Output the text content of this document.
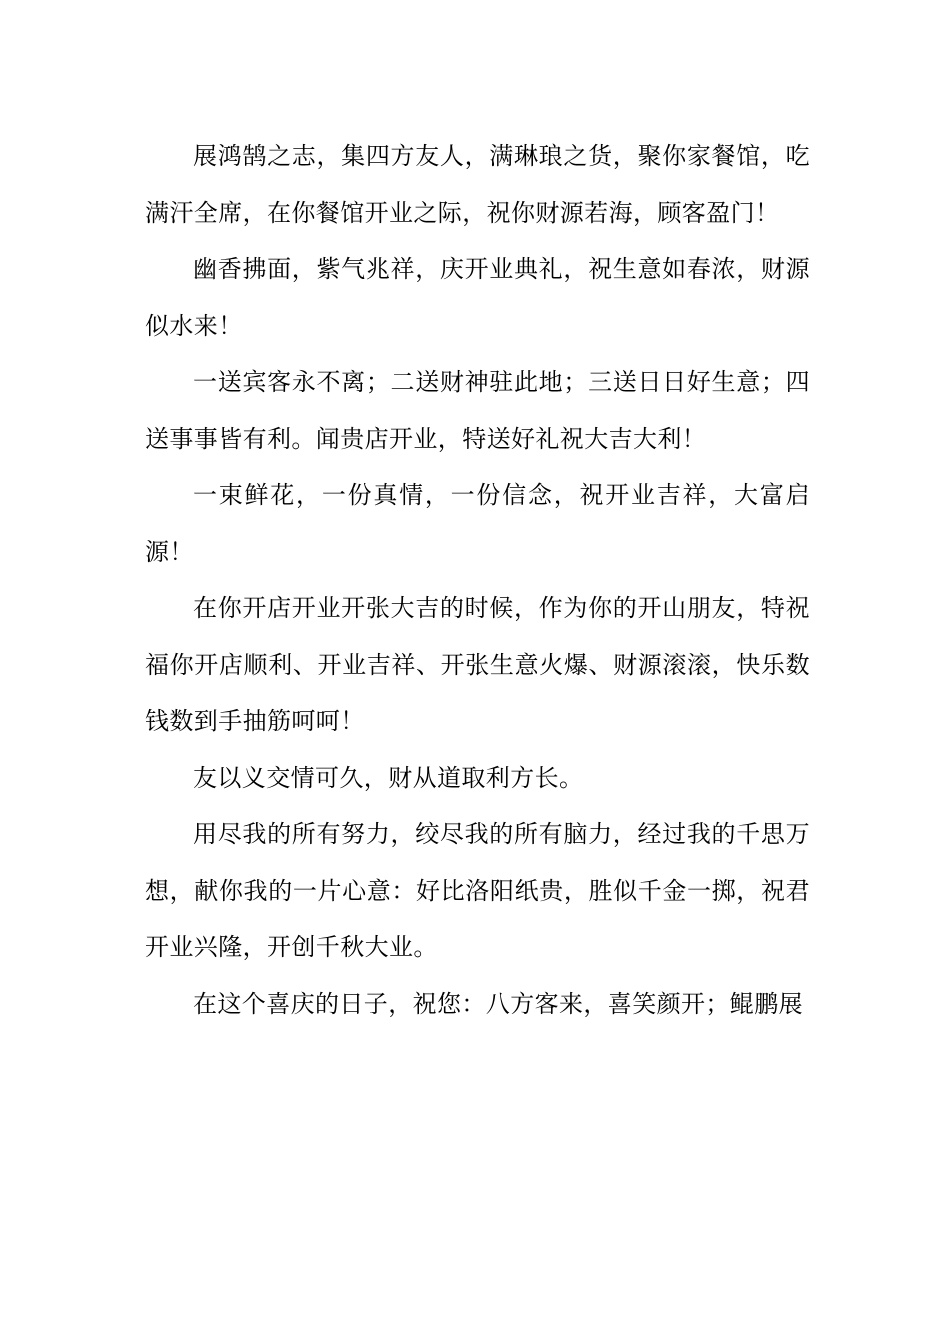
展鸿鹄之志，集四方友人，满琳琅之货，聚你家餐馆，吃满汗全席，在你餐馆开业之际，祝你财源若海，顾客盈门！

幽香拂面，紫气兆祥，庆开业典礼，祝生意如春浓，财源似水来！

一送宾客永不离；二送财神驻此地；三送日日好生意；四送事事皆有利。闻贵店开业，特送好礼祝大吉大利！

一束鲜花，一份真情，一份信念，祝开业吉祥，大富启源！

在你开店开业开张大吉的时候，作为你的开山朋友，特祝福你开店顺利、开业吉祥、开张生意火爆、财源滚滚，快乐数钱数到手抽筋呵呵！

友以义交情可久，财从道取利方长。

用尽我的所有努力，绞尽我的所有脑力，经过我的千思万想，献你我的一片心意：好比洛阳纸贵，胜似千金一掷，祝君开业兴隆，开创千秋大业。

在这个喜庆的日子，祝您：八方客来，喜笑颜开；鲲鹏展
